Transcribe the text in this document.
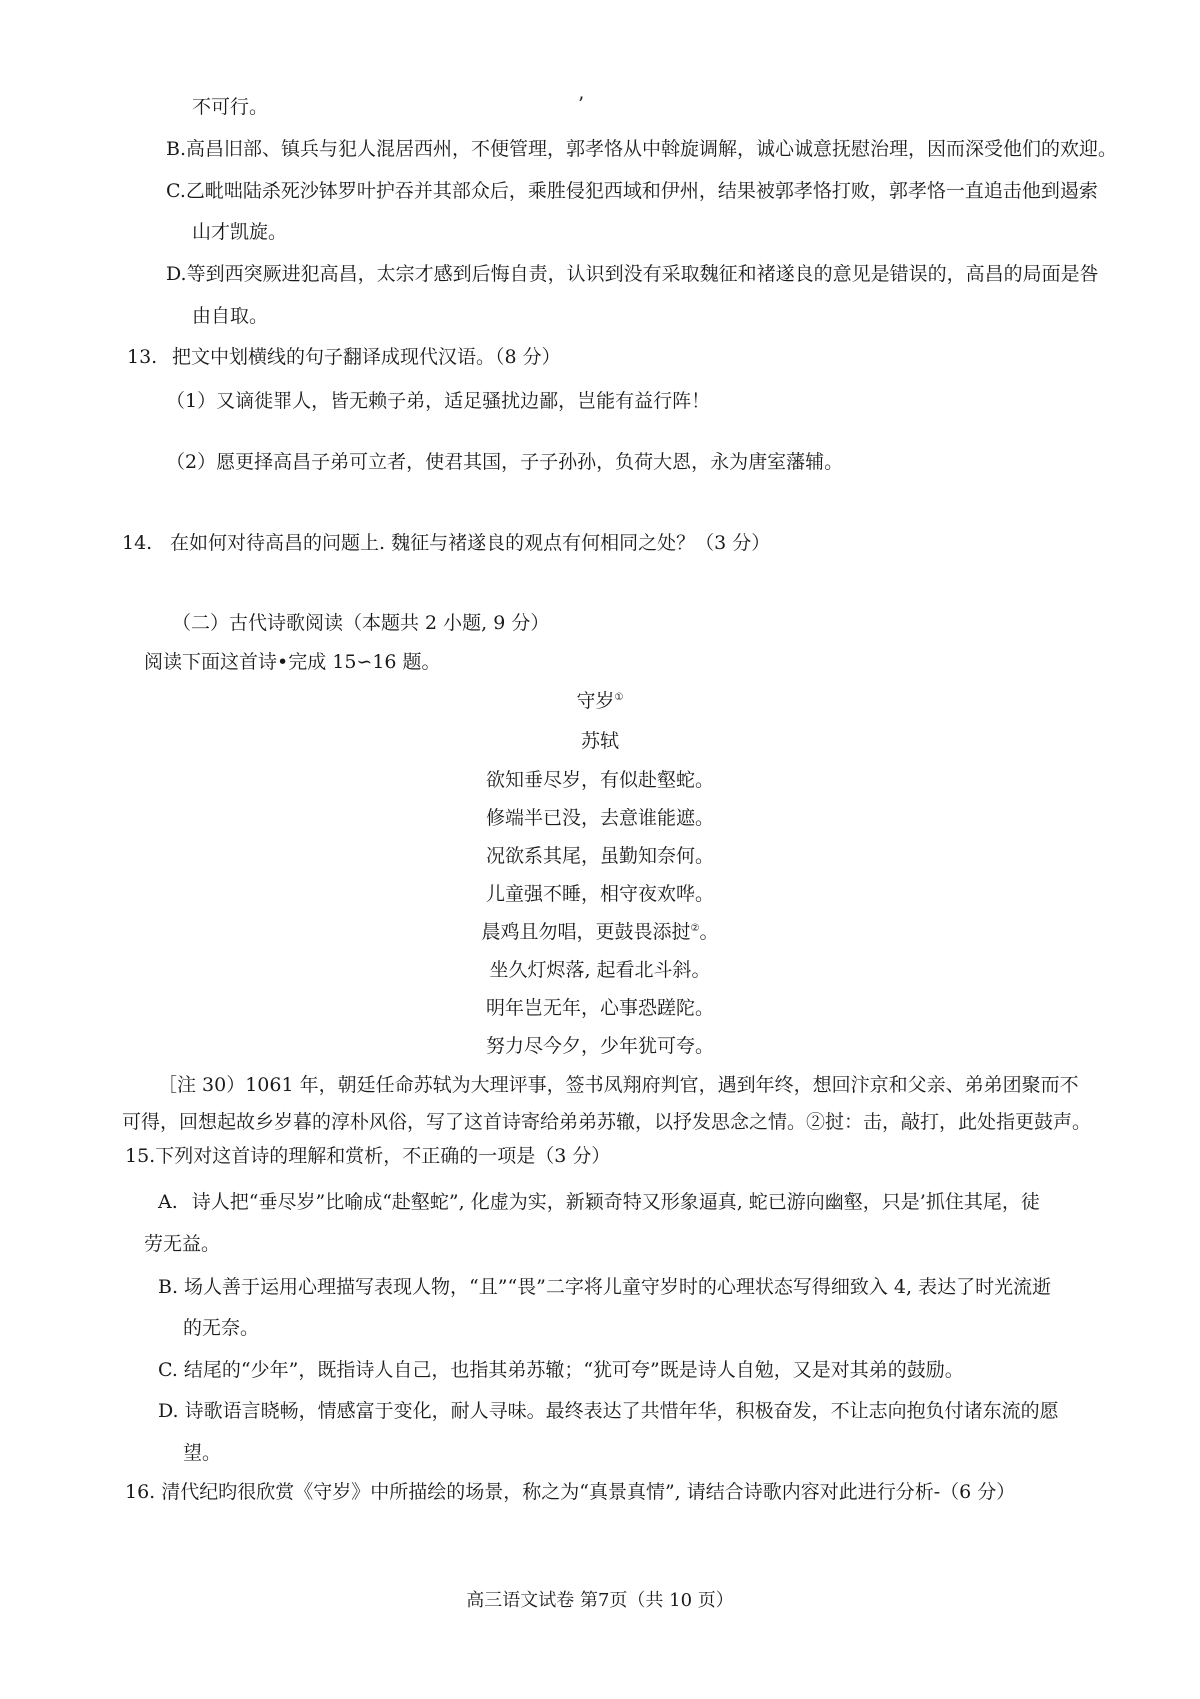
不可行。	’
B.高昌旧部、镇兵与犯人混居西州，不便管理，郭孝恪从中斡旋调解，诚心诚意抚慰治理，因而深受他们的欢迎。
C.乙毗咄陆杀死沙钵罗叶护吞并其部众后，乘胜侵犯西域和伊州，结果被郭孝恪打败，郭孝恪一直追击他到遏索
山才凯旋。
D.等到西突厥进犯高昌，太宗才感到后悔自责，认识到没有采取魏征和褚遂良的意见是错误的，高昌的局面是咎
由自取。
13. 把文中划横线的句子翻译成现代汉语。（8 分）
（1）又谪徙罪人，皆无赖子弟，适足骚扰边鄙，岂能有益行阵！
（2）愿更择高昌子弟可立者，使君其国，子子孙孙，负荷大恩，永为唐室藩辅。
14. 在如何对待高昌的问题上. 魏征与褚遂良的观点有何相同之处？（3 分）
（二）古代诗歌阅读（本题共 2 小题, 9 分）
阅读下面这首诗•完成 15∽16 题。
守岁①
苏轼
欲知垂尽岁，有似赴壑蛇。
修端半已没，去意谁能遮。
况欲系其尾，虽勤知奈何。
儿童强不睡，相守夜欢哗。
晨鸡且勿唱，更鼓畏添挝②。
坐久灯烬落, 起看北斗斜。
明年岂无年，心事恐蹉陀。
努力尽今夕，少年犹可夸。
［注 30）1061 年，朝廷任命苏轼为大理评事，签书凤翔府判官，遇到年终，想回汴京和父亲、弟弟团聚而不
可得，回想起故乡岁暮的淳朴风俗，写了这首诗寄给弟弟苏辙，以抒发思念之情。②挝：击，敲打，此处指更鼓声。
15.下列对这首诗的理解和赏析，不正确的一项是（3 分）
A. 诗人把“垂尽岁”比喻成“赴壑蛇”, 化虚为实，新颖奇特又形象逼真, 蛇已游向幽壑，只是’抓住其尾，徒
劳无益。
B. 场人善于运用心理描写表现人物，“且”“畏”二字将儿童守岁时的心理状态写得细致入 4, 表达了时光流逝
的无奈。
C. 结尾的“少年”，既指诗人自己，也指其弟苏辙；“犹可夸”既是诗人自勉，又是对其弟的鼓励。
D. 诗歌语言晓畅，情感富于变化，耐人寻味。最终表达了共惜年华，积极奋发，不让志向抱负付诸东流的愿
望。
16. 清代纪昀很欣赏《守岁》中所描绘的场景，称之为“真景真情”, 请结合诗歌内容对此进行分析-（6 分）
高三语文试卷 第7页（共 10 页）
